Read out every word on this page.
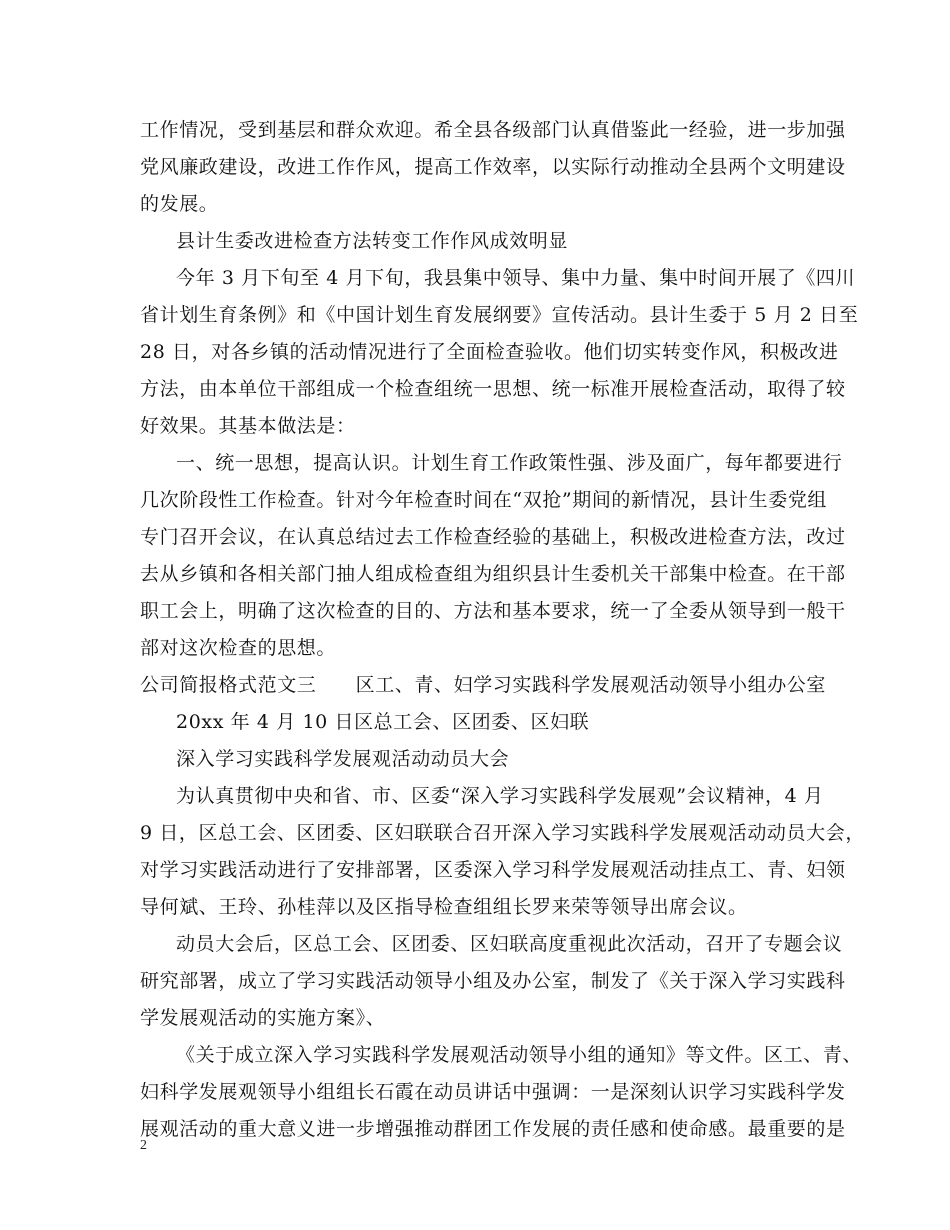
工作情况，受到基层和群众欢迎。希全县各级部门认真借鉴此一经验，进一步加强
党风廉政建设，改进工作作风，提高工作效率，以实际行动推动全县两个文明建设
的发展。
县计生委改进检查方法转变工作作风成效明显
今年 3 月下旬至 4 月下旬，我县集中领导、集中力量、集中时间开展了《四川
省计划生育条例》和《中国计划生育发展纲要》宣传活动。县计生委于 5 月 2 日至
28 日，对各乡镇的活动情况进行了全面检查验收。他们切实转变作风，积极改进
方法，由本单位干部组成一个检查组统一思想、统一标准开展检查活动，取得了较
好效果。其基本做法是：
一、统一思想，提高认识。计划生育工作政策性强、涉及面广，每年都要进行
几次阶段性工作检查。针对今年检查时间在“双抢”期间的新情况，县计生委党组
专门召开会议，在认真总结过去工作检查经验的基础上，积极改进检查方法，改过
去从乡镇和各相关部门抽人组成检查组为组织县计生委机关干部集中检查。在干部
职工会上，明确了这次检查的目的、方法和基本要求，统一了全委从领导到一般干
部对这次检查的思想。
公司简报格式范文三　　区工、青、妇学习实践科学发展观活动领导小组办公室
20xx 年 4 月 10 日区总工会、区团委、区妇联
深入学习实践科学发展观活动动员大会
为认真贯彻中央和省、市、区委“深入学习实践科学发展观”会议精神，4 月
9 日，区总工会、区团委、区妇联联合召开深入学习实践科学发展观活动动员大会，
对学习实践活动进行了安排部署，区委深入学习科学发展观活动挂点工、青、妇领
导何斌、王玲、孙桂萍以及区指导检查组组长罗来荣等领导出席会议。
动员大会后，区总工会、区团委、区妇联高度重视此次活动，召开了专题会议
研究部署，成立了学习实践活动领导小组及办公室，制发了《关于深入学习实践科
学发展观活动的实施方案》、
《关于成立深入学习实践科学发展观活动领导小组的通知》等文件。区工、青、
妇科学发展观领导小组组长石霞在动员讲话中强调：一是深刻认识学习实践科学发
展观活动的重大意义进一步增强推动群团工作发展的责任感和使命感。最重要的是
2
